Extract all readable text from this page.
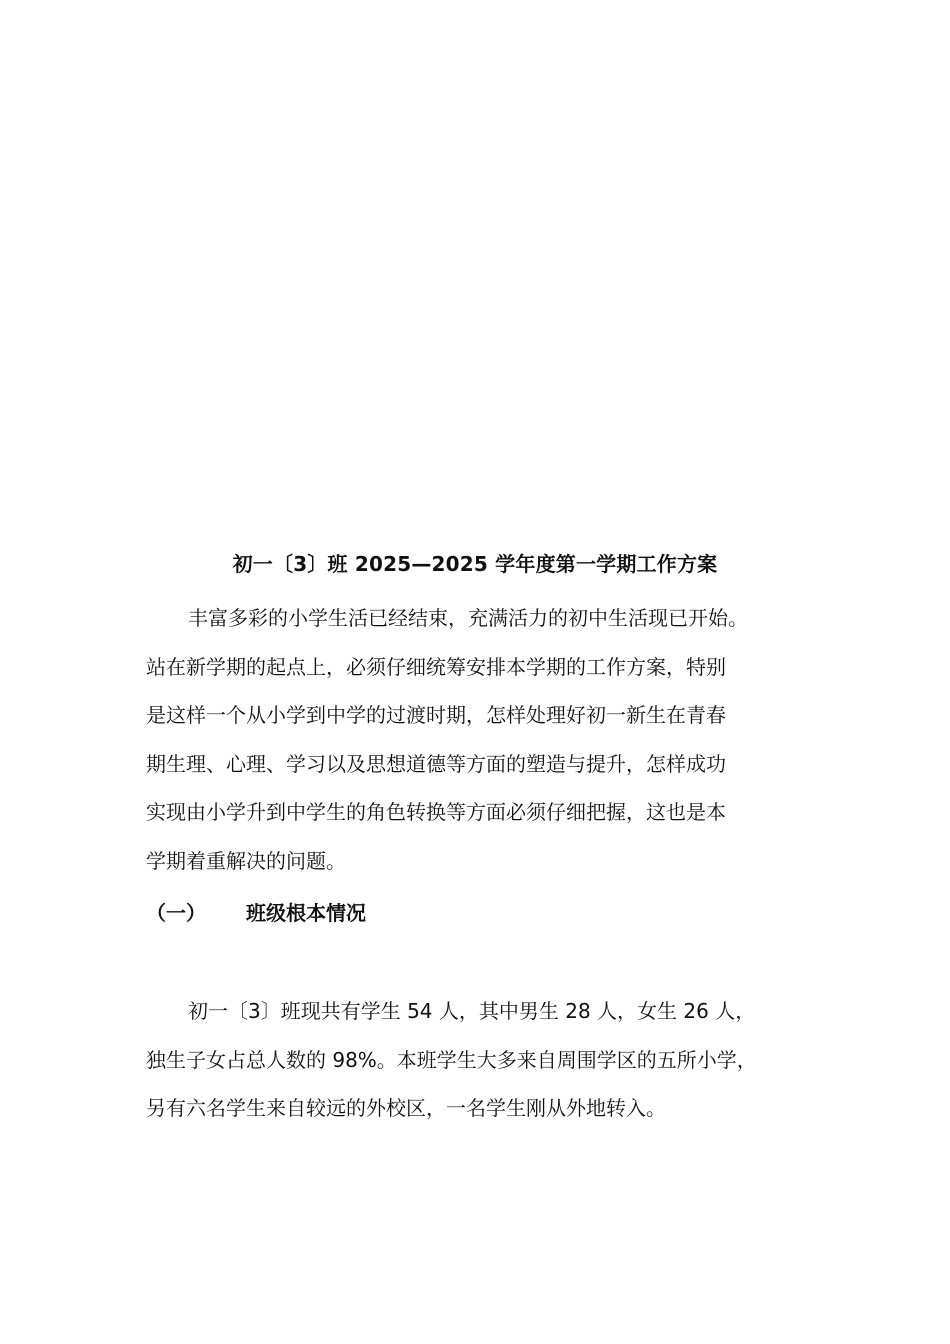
初一〔3〕班 2025—2025 学年度第一学期工作方案
丰富多彩的小学生活已经结束，充满活力的初中生活现已开始。
站在新学期的起点上，必须仔细统筹安排本学期的工作方案，特别
是这样一个从小学到中学的过渡时期，怎样处理好初一新生在青春
期生理、心理、学习以及思想道德等方面的塑造与提升，怎样成功
实现由小学升到中学生的角色转换等方面必须仔细把握，这也是本
学期着重解决的问题。
（一） 班级根本情况
初一〔3〕班现共有学生 54 人，其中男生 28 人，女生 26 人，
独生子女占总人数的 98%。本班学生大多来自周围学区的五所小学，
另有六名学生来自较远的外校区，一名学生刚从外地转入。
